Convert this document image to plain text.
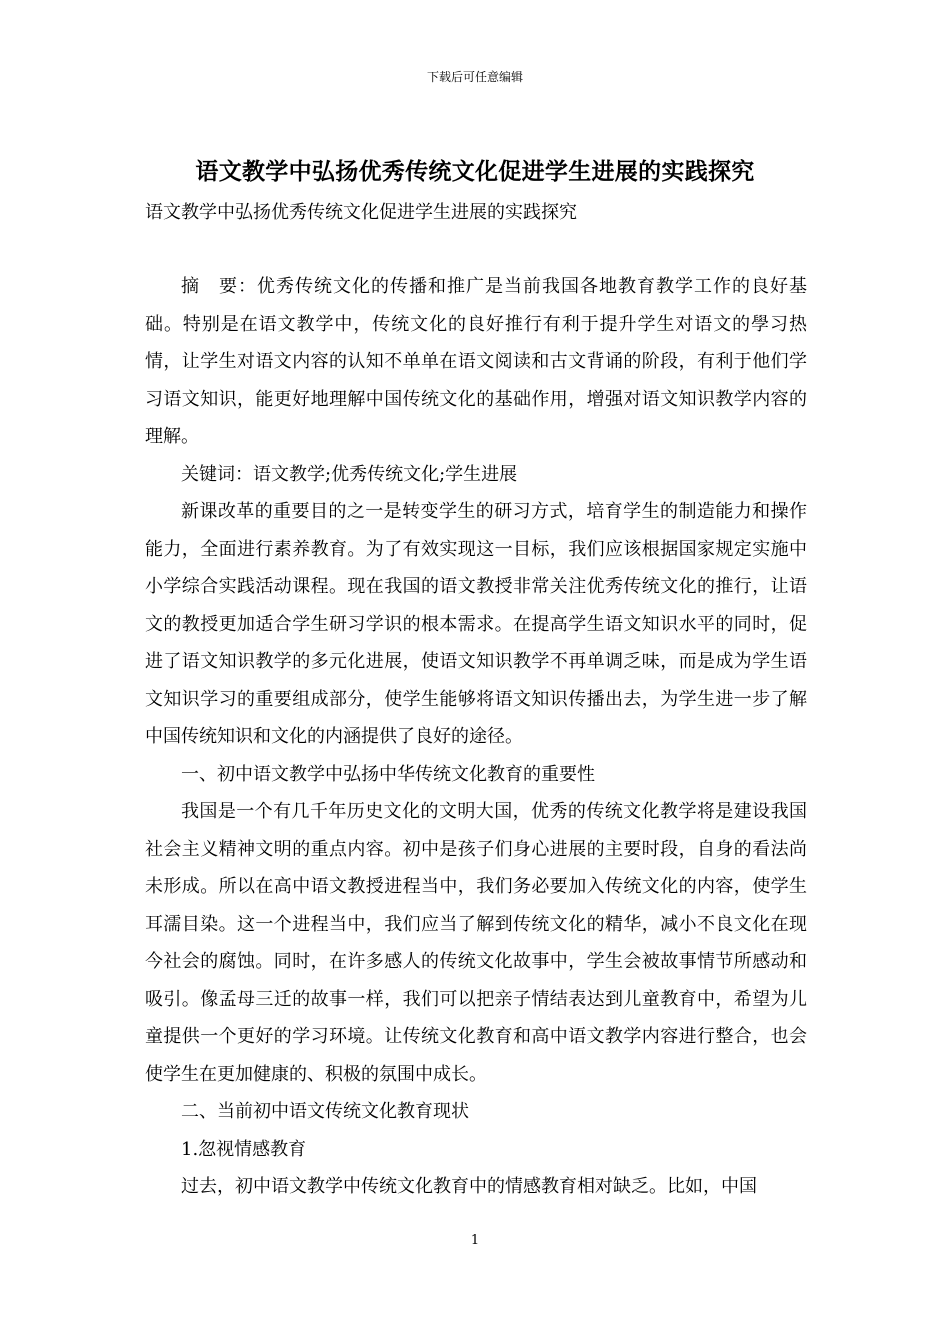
下载后可任意编辑
语文教学中弘扬优秀传统文化促进学生进展的实践探究
语文教学中弘扬优秀传统文化促进学生进展的实践探究

摘　要：优秀传统文化的传播和推广是当前我国各地教育教学工作的良好基础。特别是在语文教学中，传统文化的良好推行有利于提升学生对语文的學习热情，让学生对语文内容的认知不单单在语文阅读和古文背诵的阶段，有利于他们学习语文知识，能更好地理解中国传统文化的基础作用，增强对语文知识教学内容的理解。

关键词：语文教学;优秀传统文化;学生进展

新课改革的重要目的之一是转变学生的研习方式，培育学生的制造能力和操作能力，全面进行素养教育。为了有效实现这一目标，我们应该根据国家规定实施中小学综合实践活动课程。现在我国的语文教授非常关注优秀传统文化的推行，让语文的教授更加适合学生研习学识的根本需求。在提高学生语文知识水平的同时，促进了语文知识教学的多元化进展，使语文知识教学不再单调乏味，而是成为学生语文知识学习的重要组成部分，使学生能够将语文知识传播出去，为学生进一步了解中国传统知识和文化的内涵提供了良好的途径。

一、初中语文教学中弘扬中华传统文化教育的重要性

我国是一个有几千年历史文化的文明大国，优秀的传统文化教学将是建设我国社会主义精神文明的重点内容。初中是孩子们身心进展的主要时段，自身的看法尚未形成。所以在高中语文教授进程当中，我们务必要加入传统文化的内容，使学生耳濡目染。这一个进程当中，我们应当了解到传统文化的精华，减小不良文化在现今社会的腐蚀。同时，在许多感人的传统文化故事中，学生会被故事情节所感动和吸引。像孟母三迁的故事一样，我们可以把亲子情结表达到儿童教育中，希望为儿童提供一个更好的学习环境。让传统文化教育和高中语文教学内容进行整合，也会使学生在更加健康的、积极的氛围中成长。

二、当前初中语文传统文化教育现状

1.忽视情感教育

过去，初中语文教学中传统文化教育中的情感教育相对缺乏。比如，中国

1
